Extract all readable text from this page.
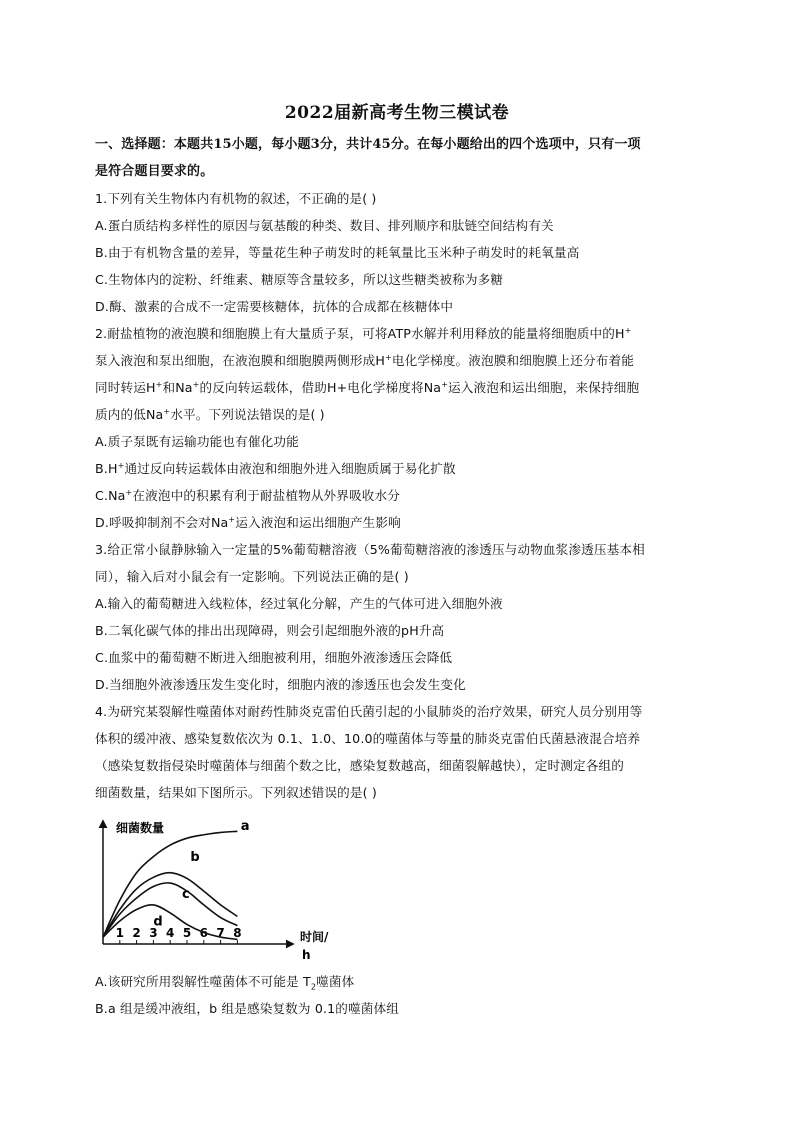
2022届新高考生物三模试卷
一、选择题：本题共15小题，每小题3分，共计45分。在每小题给出的四个选项中，只有一项
是符合题目要求的。
1.下列有关生物体内有机物的叙述，不正确的是( )
A.蛋白质结构多样性的原因与氨基酸的种类、数目、排列顺序和肽链空间结构有关
B.由于有机物含量的差异，等量花生种子萌发时的耗氧量比玉米种子萌发时的耗氧量高
C.生物体内的淀粉、纤维素、糖原等含量较多，所以这些糖类被称为多糖
D.酶、激素的合成不一定需要核糖体，抗体的合成都在核糖体中
2.耐盐植物的液泡膜和细胞膜上有大量质子泵，可将ATP水解并利用释放的能量将细胞质中的H+
泵入液泡和泵出细胞，在液泡膜和细胞膜两侧形成H+电化学梯度。液泡膜和细胞膜上还分布着能
同时转运H+和Na+的反向转运载体，借助H+电化学梯度将Na+运入液泡和运出细胞，来保持细胞
质内的低Na+水平。下列说法错误的是( )
A.质子泵既有运输功能也有催化功能
B.H+通过反向转运载体由液泡和细胞外进入细胞质属于易化扩散
C.Na+在液泡中的积累有利于耐盐植物从外界吸收水分
D.呼吸抑制剂不会对Na+运入液泡和运出细胞产生影响
3.给正常小鼠静脉输入一定量的5%葡萄糖溶液（5%葡萄糖溶液的渗透压与动物血浆渗透压基本相
同），输入后对小鼠会有一定影响。下列说法正确的是( )
A.输入的葡萄糖进入线粒体，经过氧化分解，产生的气体可进入细胞外液
B.二氧化碳气体的排出出现障碍，则会引起细胞外液的pH升高
C.血浆中的葡萄糖不断进入细胞被利用，细胞外液渗透压会降低
D.当细胞外液渗透压发生变化时，细胞内液的渗透压也会发生变化
4.为研究某裂解性噬菌体对耐药性肺炎克雷伯氏菌引起的小鼠肺炎的治疗效果，研究人员分别用等
体积的缓冲液、感染复数依次为 0.1、1.0、10.0的噬菌体与等量的肺炎克雷伯氏菌悬液混合培养
（感染复数指侵染时噬菌体与细菌个数之比，感染复数越高，细菌裂解越快），定时测定各组的
细菌数量，结果如下图所示。下列叙述错误的是( )
细菌数量
时间/
h
1 2 3 4 5 6 7 8
a
b
c
d
A.该研究所用裂解性噬菌体不可能是 $T_2$噬菌体
B.a 组是缓冲液组，b 组是感染复数为 0.1的噬菌体组
